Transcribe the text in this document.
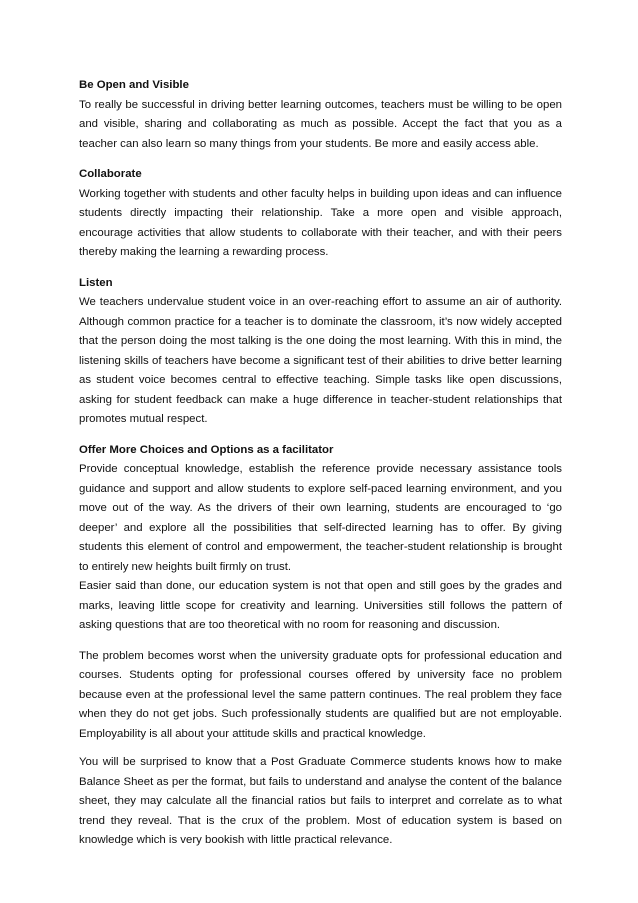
Be Open and Visible

To really be successful in driving better learning outcomes, teachers must be willing to be open and visible, sharing and collaborating as much as possible. Accept the fact that you as a teacher can also learn so many things from your students. Be more and easily access able.

Collaborate

Working together with students and other faculty helps in building upon ideas and can influence students directly impacting their relationship. Take a more open and visible approach, encourage activities that allow students to collaborate with their teacher, and with their peers thereby making the learning a rewarding process.

Listen

We teachers undervalue student voice in an over-reaching effort to assume an air of authority. Although common practice for a teacher is to dominate the classroom, it’s now widely accepted that the person doing the most talking is the one doing the most learning. With this in mind, the listening skills of teachers have become a significant test of their abilities to drive better learning as student voice becomes central to effective teaching. Simple tasks like open discussions, asking for student feedback can make a huge difference in teacher-student relationships that promotes mutual respect.

Offer More Choices and Options as a facilitator

Provide conceptual knowledge, establish the reference provide necessary assistance tools guidance and support and allow students to explore self-paced learning environment, and you move out of the way. As the drivers of their own learning, students are encouraged to ‘go deeper’ and explore all the possibilities that self-directed learning has to offer. By giving students this element of control and empowerment, the teacher-student relationship is brought to entirely new heights built firmly on trust.

Easier said than done, our education system is not that open and still goes by the grades and marks, leaving little scope for creativity and learning. Universities still follows the pattern of asking questions that are too theoretical with no room for reasoning and discussion.

The problem becomes worst when the university graduate opts for professional education and courses. Students opting for professional courses offered by university face no problem because even at the professional level the same pattern continues. The real problem they face when they do not get jobs. Such professionally students are qualified but are not employable. Employability is all about your attitude skills and practical knowledge.

You will be surprised to know that a Post Graduate Commerce students knows how to make Balance Sheet as per the format, but fails to understand and analyse the content of the balance sheet, they may calculate all the financial ratios but fails to interpret and correlate as to what trend they reveal. That is the crux of the problem. Most of education system is based on knowledge which is very bookish with little practical relevance.
